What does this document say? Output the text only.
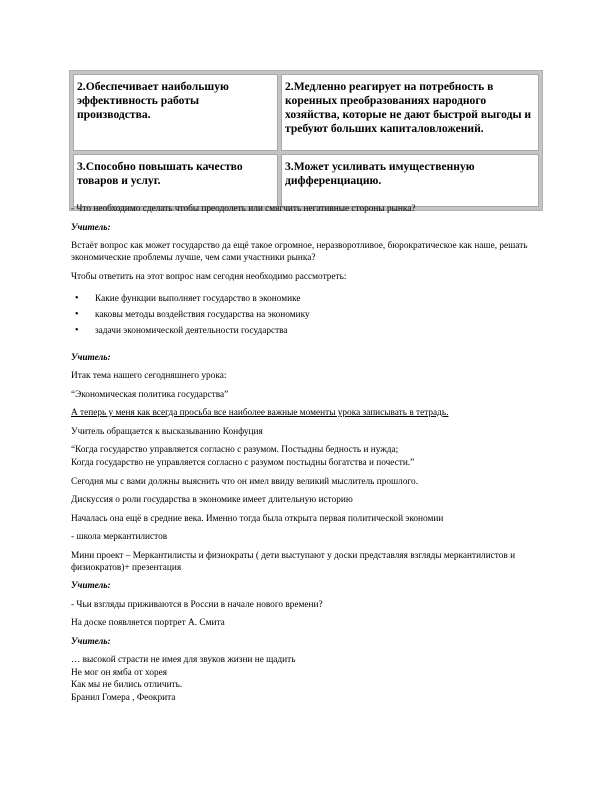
2.Обеспечивает наибольшую эффективность работы производства.	2.Медленно реагирует на потребность в коренных преобразованиях народного хозяйства, которые не дают быстрой выгоды и требуют больших капиталовложений.
3.Способно повышать качество товаров и услуг.	3.Может усиливать имущественную дифференциацию.

- Что необходимо сделать чтобы преодолеть или смягчить негативные стороны рынка?

Учитель:

Встаёт вопрос как может государство да ещё такое огромное, неразворотливое, бюрократическое как наше, решать экономические проблемы лучше, чем сами участники рынка?

Чтобы ответить на этот вопрос нам сегодня необходимо рассмотреть:

• Какие функции выполняет государство в экономике
• каковы методы воздействия государства на экономику
• задачи экономической деятельности государства

Учитель:

Итак тема нашего сегодняшнего урока:

“Экономическая политика государства”

А теперь у меня как всегда просьба все наиболее важные моменты урока записывать в тетрадь.

Учитель обращается к высказыванию Конфуция

“Когда государство управляется согласно с разумом. Постыдны бедность и нужда;
Когда государство не управляется согласно с разумом постыдны богатства и почести.”

Сегодня мы с вами должны выяснить что он имел ввиду великий мыслитель прошлого.

Дискуссия о роли государства в экономике имеет длительную историю

Началась она ещё в средние века. Именно тогда была открыта первая политической экономии

- школа меркантилистов

Мини проект – Меркантилисты и физиократы ( дети выступают у доски представляя взгляды меркантилистов и физиократов)+ презентация

Учитель:

- Чьи взгляды приживаются в России в начале нового времени?

На доске появляется портрет А. Смита

Учитель:

… высокой страсти не имея для звуков жизни не щадить
Не мог он ямба от хорея
Как мы не бились отличить.
Бранил Гомера , Феокрита
